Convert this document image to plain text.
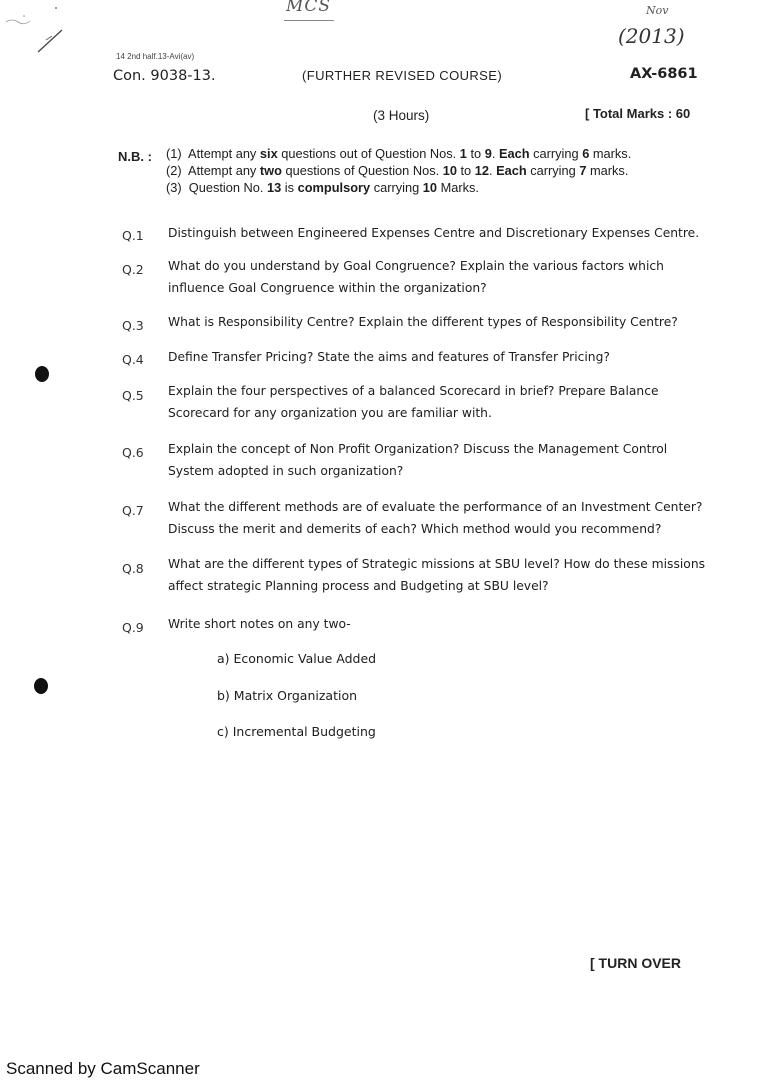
MCS	Nov
(2013)
14 2nd half.13-Avi(av)
Con. 9038-13.	(FURTHER REVISED COURSE)	AX-6861
(3 Hours)	[ Total Marks : 60
N.B. : (1) Attempt any six questions out of Question Nos. 1 to 9. Each carrying 6 marks.
(2) Attempt any two questions of Question Nos. 10 to 12. Each carrying 7 marks.
(3) Question No. 13 is compulsory carrying 10 Marks.
Q.1 Distinguish between Engineered Expenses Centre and Discretionary Expenses Centre.
Q.2 What do you understand by Goal Congruence? Explain the various factors which
influence Goal Congruence within the organization?
Q.3 What is Responsibility Centre? Explain the different types of Responsibility Centre?
Q.4 Define Transfer Pricing? State the aims and features of Transfer Pricing?
Q.5 Explain the four perspectives of a balanced Scorecard in brief? Prepare Balance
Scorecard for any organization you are familiar with.
Q.6 Explain the concept of Non Profit Organization? Discuss the Management Control
System adopted in such organization?
Q.7 What the different methods are of evaluate the performance of an Investment Center?
Discuss the merit and demerits of each? Which method would you recommend?
Q.8 What are the different types of Strategic missions at SBU level? How do these missions
affect strategic Planning process and Budgeting at SBU level?
Q.9 Write short notes on any two-
a) Economic Value Added
b) Matrix Organization
c) Incremental Budgeting
[ TURN OVER
Scanned by CamScanner
